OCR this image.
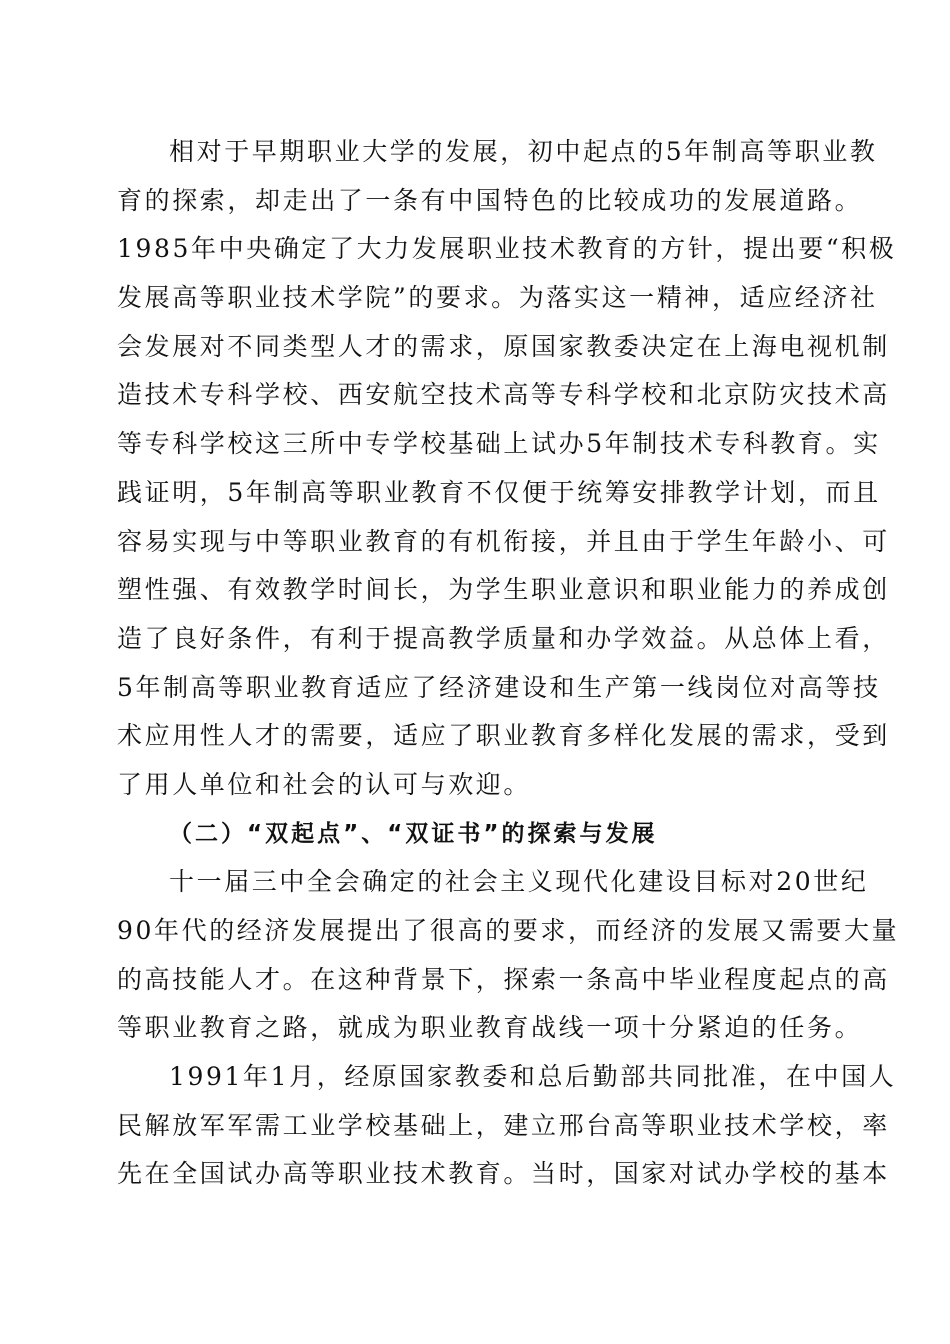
相对于早期职业大学的发展，初中起点的5年制高等职业教
育的探索，却走出了一条有中国特色的比较成功的发展道路。
1985年中央确定了大力发展职业技术教育的方针，提出要“积极
发展高等职业技术学院”的要求。为落实这一精神，适应经济社
会发展对不同类型人才的需求，原国家教委决定在上海电视机制
造技术专科学校、西安航空技术高等专科学校和北京防灾技术高
等专科学校这三所中专学校基础上试办5年制技术专科教育。实
践证明，5年制高等职业教育不仅便于统筹安排教学计划，而且
容易实现与中等职业教育的有机衔接，并且由于学生年龄小、可
塑性强、有效教学时间长，为学生职业意识和职业能力的养成创
造了良好条件，有利于提高教学质量和办学效益。从总体上看，
5年制高等职业教育适应了经济建设和生产第一线岗位对高等技
术应用性人才的需要，适应了职业教育多样化发展的需求，受到
了用人单位和社会的认可与欢迎。
（二）“双起点”、“双证书”的探索与发展
十一届三中全会确定的社会主义现代化建设目标对20世纪
90年代的经济发展提出了很高的要求，而经济的发展又需要大量
的高技能人才。在这种背景下，探索一条高中毕业程度起点的高
等职业教育之路，就成为职业教育战线一项十分紧迫的任务。
1991年1月，经原国家教委和总后勤部共同批准，在中国人
民解放军军需工业学校基础上，建立邢台高等职业技术学校，率
先在全国试办高等职业技术教育。当时，国家对试办学校的基本
